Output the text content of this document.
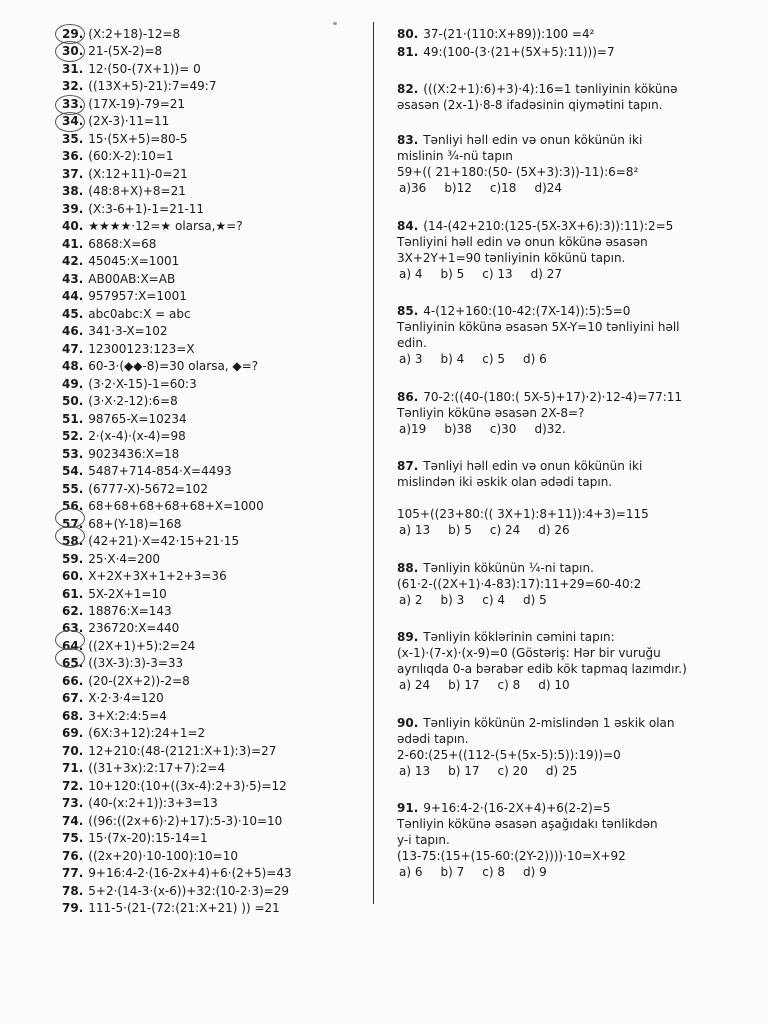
29. (X:2+18)-12=8
30. 21-(5X-2)=8
31. 12·(50-(7X+1))= 0
32. ((13X+5)-21):7=49:7
33. (17X-19)-79=21
34. (2X-3)·11=11
35. 15·(5X+5)=80-5
36. (60:X-2):10=1
37. (X:12+11)-0=21
38. (48:8+X)+8=21
39. (X:3-6+1)-1=21-11
40. ★★★★·12=★ olarsa,★=?
41. 6868:X=68
42. 45045:X=1001
43. AB00AB:X=AB
44. 957957:X=1001
45. abc0abc:X = abc
46. 341·3-X=102
47. 12300123:123=X
48. 60-3·(◆◆-8)=30 olarsa, ◆=?
49. (3·2·X-15)-1=60:3
50. (3·X·2-12):6=8
51. 98765-X=10234
52. 2·(x-4)·(x-4)=98
53. 9023436:X=18
54. 5487+714-854·X=4493
55. (6777-X)-5672=102
56. 68+68+68+68+68+X=1000
57. 68+(Y-18)=168
58. (42+21)·X=42·15+21·15
59. 25·X·4=200
60. X+2X+3X+1+2+3=36
61. 5X-2X+1=10
62. 18876:X=143
63. 236720:X=440
64. ((2X+1)+5):2=24
65. ((3X-3):3)-3=33
66. (20-(2X+2))-2=8
67. X·2·3·4=120
68. 3+X:2:4:5=4
69. (6X:3+12):24+1=2
70. 12+210:(48-(2121:X+1):3)=27
71. ((31+3x):2:17+7):2=4
72. 10+120:(10+((3x-4):2+3)·5)=12
73. (40-(x:2+1)):3+3=13
74. ((96:((2x+6)·2)+17):5-3)·10=10
75. 15·(7x-20):15-14=1
76. ((2x+20)·10-100):10=10
77. 9+16:4-2·(16-2x+4)+6·(2+5)=43
78. 5+2·(14-3·(x-6))+32:(10-2·3)=29
79. 111-5·(21-(72:(21:X+21) )) =21
80. 37-(21·(110:X+89)):100 =4²
81. 49:(100-(3·(21+(5X+5):11)))=7
82. (((X:2+1):6)+3)·4):16=1 tənliyinin kökünə
əsasən (2x-1)·8-8 ifadəsinin qiymətini tapın.
83. Tənliyi həll edin və onun kökünün iki
mislinin ¾-nü tapın
59+(( 21+180:(50- (5X+3):3))-11):6=8²
a)36 b)12 c)18 d)24
84. (14-(42+210:(125-(5X-3X+6):3)):11):2=5
Tənliyini həll edin və onun kökünə əsasən
3X+2Y+1=90 tənliyinin kökünü tapın.
a) 4 b) 5 c) 13 d) 27
85. 4-(12+160:(10-42:(7X-14)):5):5=0
Tənliyinin kökünə əsasən 5X-Y=10 tənliyini həll
edin.
a) 3 b) 4 c) 5 d) 6
86. 70-2:((40-(180:( 5X-5)+17)·2)·12-4)=77:11
Tənliyin kökünə əsasən 2X-8=?
a)19 b)38 c)30 d)32.
87. Tənliyi həll edin və onun kökünün iki
mislindən iki əskik olan ədədi tapın.
105+((23+80:(( 3X+1):8+11)):4+3)=115
a) 13 b) 5 c) 24 d) 26
88. Tənliyin kökünün ¼-ni tapın.
(61·2-((2X+1)·4-83):17):11+29=60-40:2
a) 2 b) 3 c) 4 d) 5
89. Tənliyin köklərinin cəmini tapın:
(x-1)·(7-x)·(x-9)=0 (Göstəriş: Hər bir vuruğu
ayrılıqda 0-a bərabər edib kök tapmaq lazımdır.)
a) 24 b) 17 c) 8 d) 10
90. Tənliyin kökünün 2-mislindən 1 əskik olan
ədədi tapın.
2-60:(25+((112-(5+(5x-5):5)):19))=0
a) 13 b) 17 c) 20 d) 25
91. 9+16:4-2·(16-2X+4)+6(2-2)=5
Tənliyin kökünə əsasən aşağıdakı tənlikdən
y-i tapın.
(13-75:(15+(15-60:(2Y-2))))·10=X+92
a) 6 b) 7 c) 8 d) 9
